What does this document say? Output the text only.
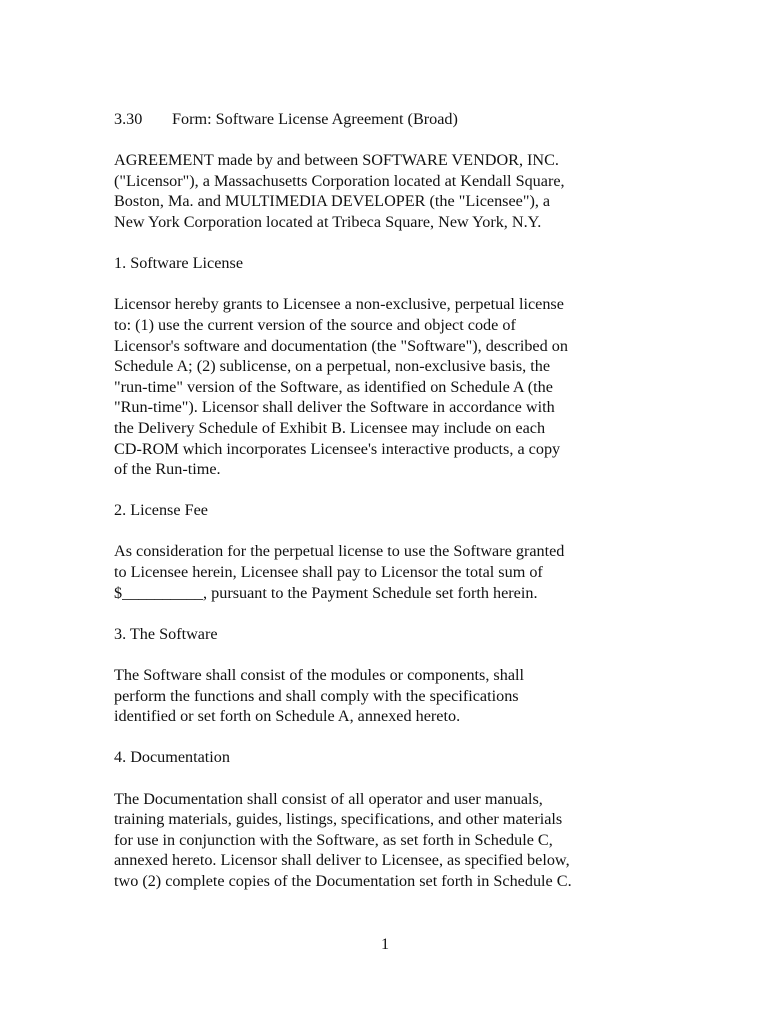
3.30 Form: Software License Agreement (Broad)

AGREEMENT made by and between SOFTWARE VENDOR, INC.
("Licensor"), a Massachusetts Corporation located at Kendall Square,
Boston, Ma. and MULTIMEDIA DEVELOPER (the "Licensee"), a
New York Corporation located at Tribeca Square, New York, N.Y.

1. Software License

Licensor hereby grants to Licensee a non-exclusive, perpetual license
to: (1) use the current version of the source and object code of
Licensor's software and documentation (the "Software"), described on
Schedule A; (2) sublicense, on a perpetual, non-exclusive basis, the
"run-time" version of the Software, as identified on Schedule A (the
"Run-time"). Licensor shall deliver the Software in accordance with
the Delivery Schedule of Exhibit B. Licensee may include on each
CD-ROM which incorporates Licensee's interactive products, a copy
of the Run-time.

2. License Fee

As consideration for the perpetual license to use the Software granted
to Licensee herein, Licensee shall pay to Licensor the total sum of
$__________, pursuant to the Payment Schedule set forth herein.

3. The Software

The Software shall consist of the modules or components, shall
perform the functions and shall comply with the specifications
identified or set forth on Schedule A, annexed hereto.

4. Documentation

The Documentation shall consist of all operator and user manuals,
training materials, guides, listings, specifications, and other materials
for use in conjunction with the Software, as set forth in Schedule C,
annexed hereto. Licensor shall deliver to Licensee, as specified below,
two (2) complete copies of the Documentation set forth in Schedule C.

1
